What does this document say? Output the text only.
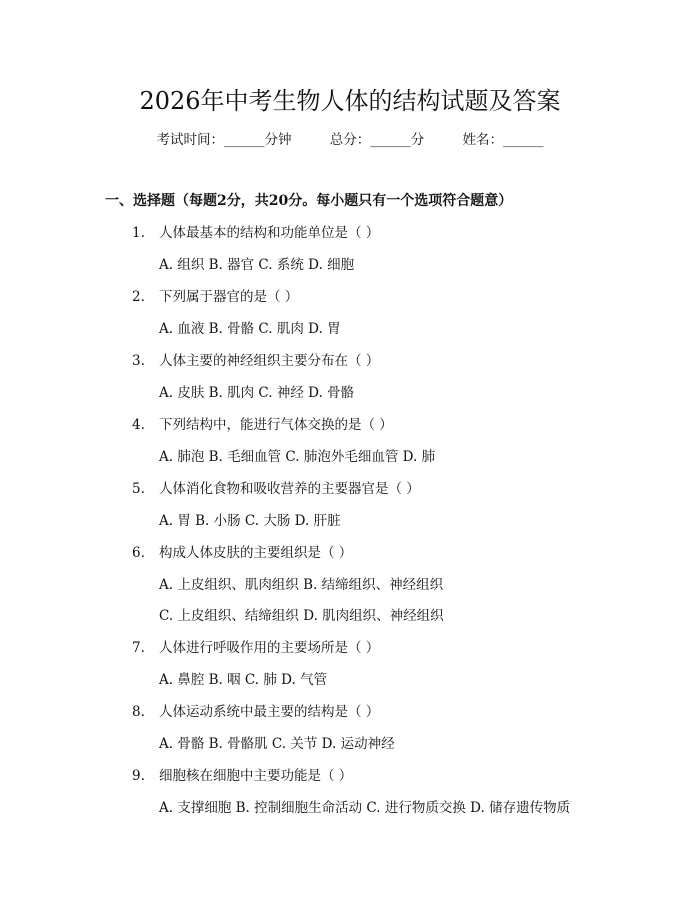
2026年中考生物人体的结构试题及答案
考试时间：______分钟	总分：______分	姓名：______
一、选择题（每题2分，共20分。每小题只有一个选项符合题意）
1. 人体最基本的结构和功能单位是（ ）
A. 组织 B. 器官 C. 系统 D. 细胞
2. 下列属于器官的是（ ）
A. 血液 B. 骨骼 C. 肌肉 D. 胃
3. 人体主要的神经组织主要分布在（ ）
A. 皮肤 B. 肌肉 C. 神经 D. 骨骼
4. 下列结构中，能进行气体交换的是（ ）
A. 肺泡 B. 毛细血管 C. 肺泡外毛细血管 D. 肺
5. 人体消化食物和吸收营养的主要器官是（ ）
A. 胃 B. 小肠 C. 大肠 D. 肝脏
6. 构成人体皮肤的主要组织是（ ）
A. 上皮组织、肌肉组织 B. 结缔组织、神经组织
C. 上皮组织、结缔组织 D. 肌肉组织、神经组织
7. 人体进行呼吸作用的主要场所是（ ）
A. 鼻腔 B. 咽 C. 肺 D. 气管
8. 人体运动系统中最主要的结构是（ ）
A. 骨骼 B. 骨骼肌 C. 关节 D. 运动神经
9. 细胞核在细胞中主要功能是（ ）
A. 支撑细胞 B. 控制细胞生命活动 C. 进行物质交换 D. 储存遗传物质
